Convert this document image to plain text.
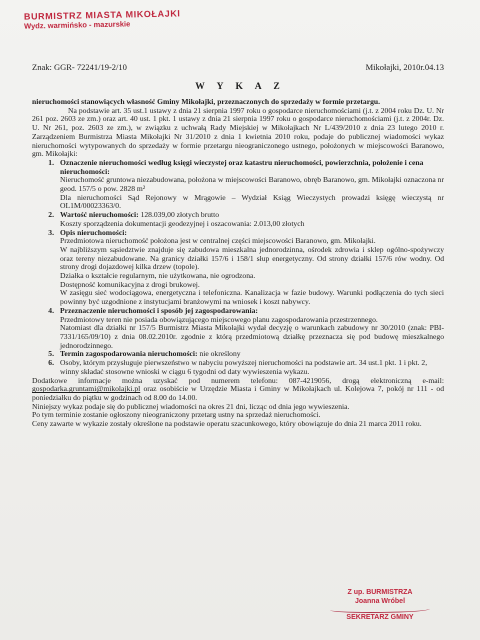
BURMISTRZ MIASTA MIKOŁAJKI
Wydz. warmińsko - mazurskie
Znak: GGR- 72241/19-2/10	Mikołajki, 2010r.04.13
W Y K A Z

nieruchomości stanowiących własność Gminy Mikołajki, przeznaczonych do sprzedaży w formie przetargu.

Na podstawie art. 35 ust.1 ustawy z dnia 21 sierpnia 1997 roku o gospodarce nieruchomościami (j.t. z 2004 roku Dz. U. Nr 261 poz. 2603 ze zm.) oraz art. 40 ust. 1 pkt. 1 ustawy z dnia 21 sierpnia 1997 roku o gospodarce nieruchomościami (j.t. z 2004r. Dz. U. Nr 261, poz. 2603 ze zm.), w związku z uchwałą Rady Miejskiej w Mikołajkach Nr L/439/2010 z dnia 23 lutego 2010 r. Zarządzeniem Burmistrza Miasta Mikołajki Nr 31/2010 z dnia 1 kwietnia 2010 roku, podaje do publicznej wiadomości wykaz nieruchomości wytypowanych do sprzedaży w formie przetargu nieograniczonego ustnego, położonych w miejscowości Baranowo, gm. Mikołajki:

1. Oznaczenie nieruchomości według księgi wieczystej oraz katastru nieruchomości, powierzchnia, położenie i cena nieruchomości:
Nieruchomość gruntowa niezabudowana, położona w miejscowości Baranowo, obręb Baranowo, gm. Mikołajki oznaczona nr geod. 157/5 o pow. 2828 m²
Dla nieruchomości Sąd Rejonowy w Mrągowie – Wydział Ksiąg Wieczystych prowadzi księgę wieczystą nr OL1M/00023363/0.
2. Wartość nieruchomości: 128.039,00 złotych brutto
Koszty sporządzenia dokumentacji geodezyjnej i oszacowania: 2.013,00 złotych
3. Opis nieruchomości:
Przedmiotowa nieruchomość położona jest w centralnej części miejscowości Baranowo, gm. Mikołajki.
W najbliższym sąsiedztwie znajduje się zabudowa mieszkalna jednorodzinna, ośrodek zdrowia i sklep ogólno-spożywczy oraz tereny niezabudowane. Na granicy działki 157/6 i 158/1 słup energetyczny. Od strony działki 157/6 rów wodny. Od strony drogi dojazdowej kilka drzew (topole).
Działka o kształcie regularnym, nie użytkowana, nie ogrodzona.
Dostępność komunikacyjna z drogi brukowej.
W zasięgu sieć wodociągowa, energetyczna i telefoniczna. Kanalizacja w fazie budowy. Warunki podłączenia do tych sieci powinny być uzgodnione z instytucjami branżowymi na wniosek i koszt nabywcy.
4. Przeznaczenie nieruchomości i sposób jej zagospodarowania:
Przedmiotowy teren nie posiada obowiązującego miejscowego planu zagospodarowania przestrzennego.
Natomiast dla działki nr 157/5 Burmistrz Miasta Mikołajki wydał decyzję o warunkach zabudowy nr 30/2010 (znak: PBI-7331/165/09/10) z dnia 08.02.2010r. zgodnie z którą przedmiotową działkę przeznacza się pod budowę mieszkalnego jednorodzinnego.
5. Termin zagospodarowania nieruchomości: nie określony
6. Osoby, którym przysługuje pierwszeństwo w nabyciu powyższej nieruchomości na podstawie art. 34 ust.1 pkt. 1 i pkt. 2, winny składać stosowne wnioski w ciągu 6 tygodni od daty wywieszenia wykazu.

Dodatkowe informacje można uzyskać pod numerem telefonu: 087-4219056, drogą elektroniczną e-mail: gospodarka.gruntami@mikolajki.pl oraz osobiście w Urzędzie Miasta i Gminy w Mikołajkach ul. Kolejowa 7, pokój nr 111 - od poniedziałku do piątku w godzinach od 8.00 do 14.00.

Niniejszy wykaz podaje się do publicznej wiadomości na okres 21 dni, licząc od dnia jego wywieszenia.

Po tym terminie zostanie ogłoszony nieograniczony przetarg ustny na sprzedaż nieruchomości.

Ceny zawarte w wykazie zostały określone na podstawie operatu szacunkowego, który obowiązuje do dnia 21 marca 2011 roku.

Z up. BURMISTRZA
Joanna Wróbel
SEKRETARZ GMINY
